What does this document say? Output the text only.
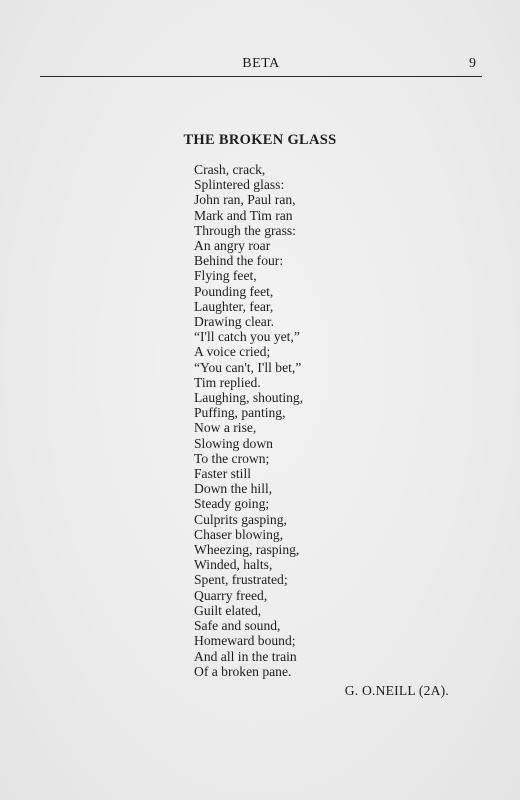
BETA	9
THE BROKEN GLASS
Crash, crack,
Splintered glass:
John ran, Paul ran,
Mark and Tim ran
Through the grass:
An angry roar
Behind the four:
Flying feet,
Pounding feet,
Laughter, fear,
Drawing clear.
“I'll catch you yet,”
A voice cried;
“You can't, I'll bet,”
Tim replied.
Laughing, shouting,
Puffing, panting,
Now a rise,
Slowing down
To the crown;
Faster still
Down the hill,
Steady going;
Culprits gasping,
Chaser blowing,
Wheezing, rasping,
Winded, halts,
Spent, frustrated;
Quarry freed,
Guilt elated,
Safe and sound,
Homeward bound;
And all in the train
Of a broken pane.
G. O.NEILL (2A).
